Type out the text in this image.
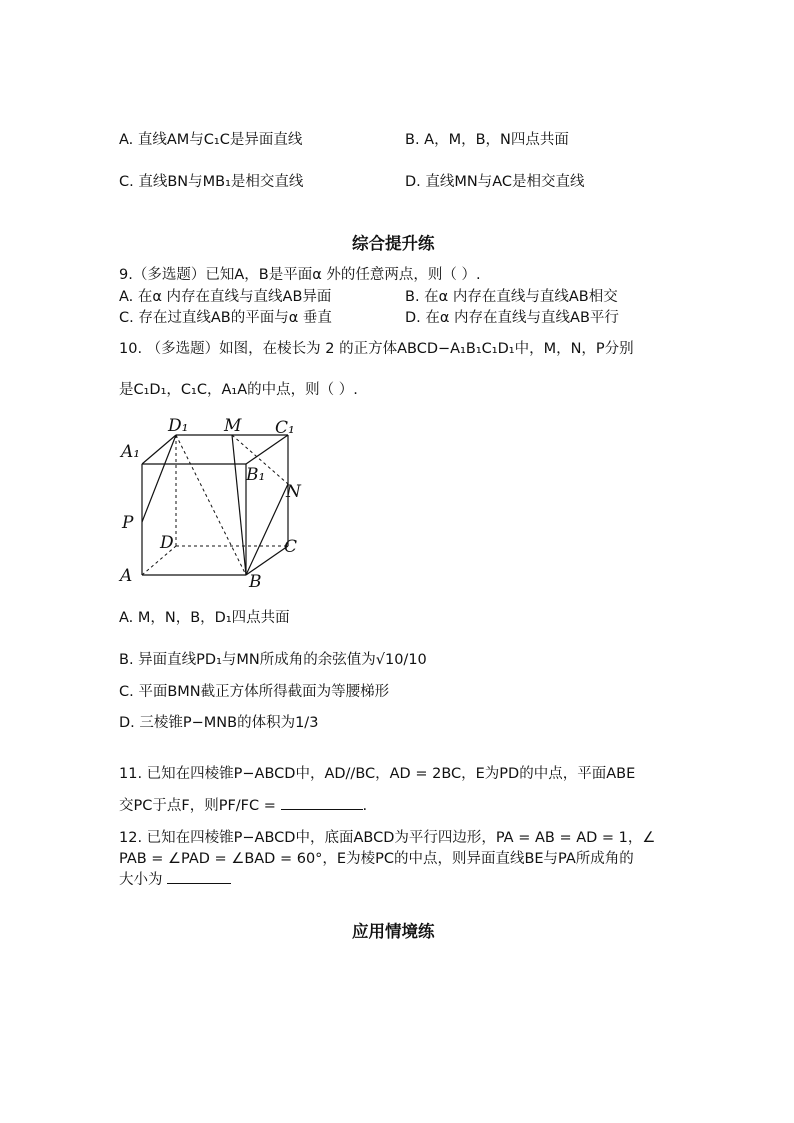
A. 直线AM与C₁C是异面直线	B. A，M，B，N四点共面
C. 直线BN与MB₁是相交直线	D. 直线MN与AC是相交直线
综合提升练
9.（多选题）已知A，B是平面α 外的任意两点，则（ ）.
A. 在α 内存在直线与直线AB异面	B. 在α 内存在直线与直线AB相交
C. 存在过直线AB的平面与α 垂直	D. 在α 内存在直线与直线AB平行
10. （多选题）如图，在棱长为 2 的正方体ABCD−A₁B₁C₁D₁中，M，N，P分别
是C₁D₁，C₁C，A₁A的中点，则（ ）.
A	B
C
D
A₁
B₁
C₁
D₁ M
N
P
A. M，N，B，D₁四点共面
B. 异面直线PD₁与MN所成角的余弦值为√10/10
C. 平面BMN截正方体所得截面为等腰梯形
D. 三棱锥P−MNB的体积为1/3
11. 已知在四棱锥P−ABCD中，AD//BC，AD = 2BC，E为PD的中点，平面ABE
交PC于点F，则PF/FC =	.
12. 已知在四棱锥P−ABCD中，底面ABCD为平行四边形，PA = AB = AD = 1，∠
PAB = ∠PAD = ∠BAD = 60°，E为棱PC的中点，则异面直线BE与PA所成角的
大小为
应用情境练
